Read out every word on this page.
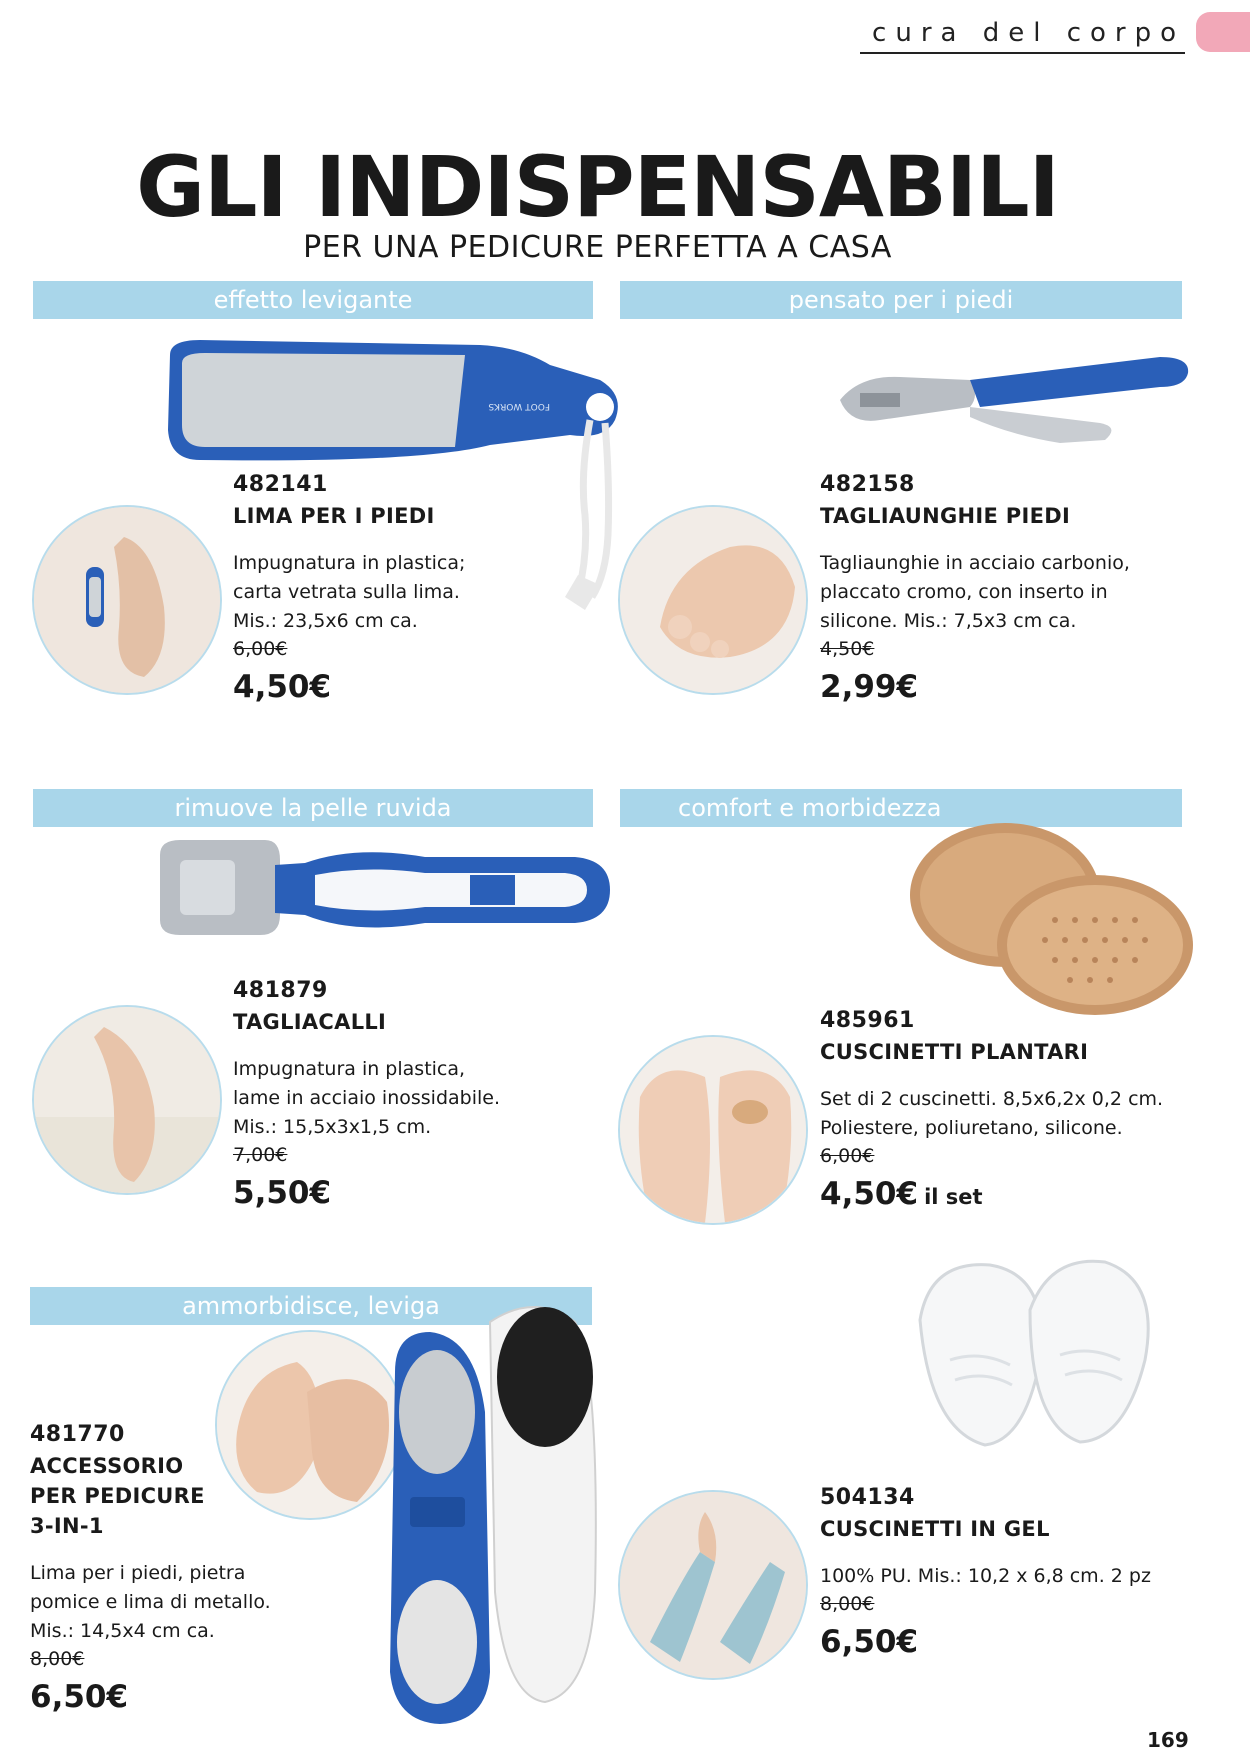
cura del corpo
GLI INDISPENSABILI
PER UNA PEDICURE PERFETTA A CASA
effetto levigante	pensato per i piedi
rimuove la pelle ruvida	comfort e morbidezza
ammorbidisce, leviga
FOOT WORKS
482141
LIMA PER I PIEDI
Impugnatura in plastica;
carta vetrata sulla lima.
Mis.: 23,5x6 cm ca.
6,00€
4,50€
482158
TAGLIAUNGHIE PIEDI
Tagliaunghie in acciaio carbonio,
placcato cromo, con inserto in
silicone. Mis.: 7,5x3 cm ca.
4,50€
2,99€
481879
TAGLIACALLI
Impugnatura in plastica,
lame in acciaio inossidabile.
Mis.: 15,5x3x1,5 cm.
7,00€
5,50€
485961
CUSCINETTI PLANTARI
Set di 2 cuscinetti. 8,5x6,2x 0,2 cm.
Poliestere, poliuretano, silicone.
6,00€
4,50€ il set
481770
ACCESSORIO
PER PEDICURE
3-IN-1
Lima per i piedi, pietra
pomice e lima di metallo.
Mis.: 14,5x4 cm ca.
8,00€
6,50€
504134
CUSCINETTI IN GEL
100% PU. Mis.: 10,2 x 6,8 cm. 2 pz
8,00€
6,50€
169
